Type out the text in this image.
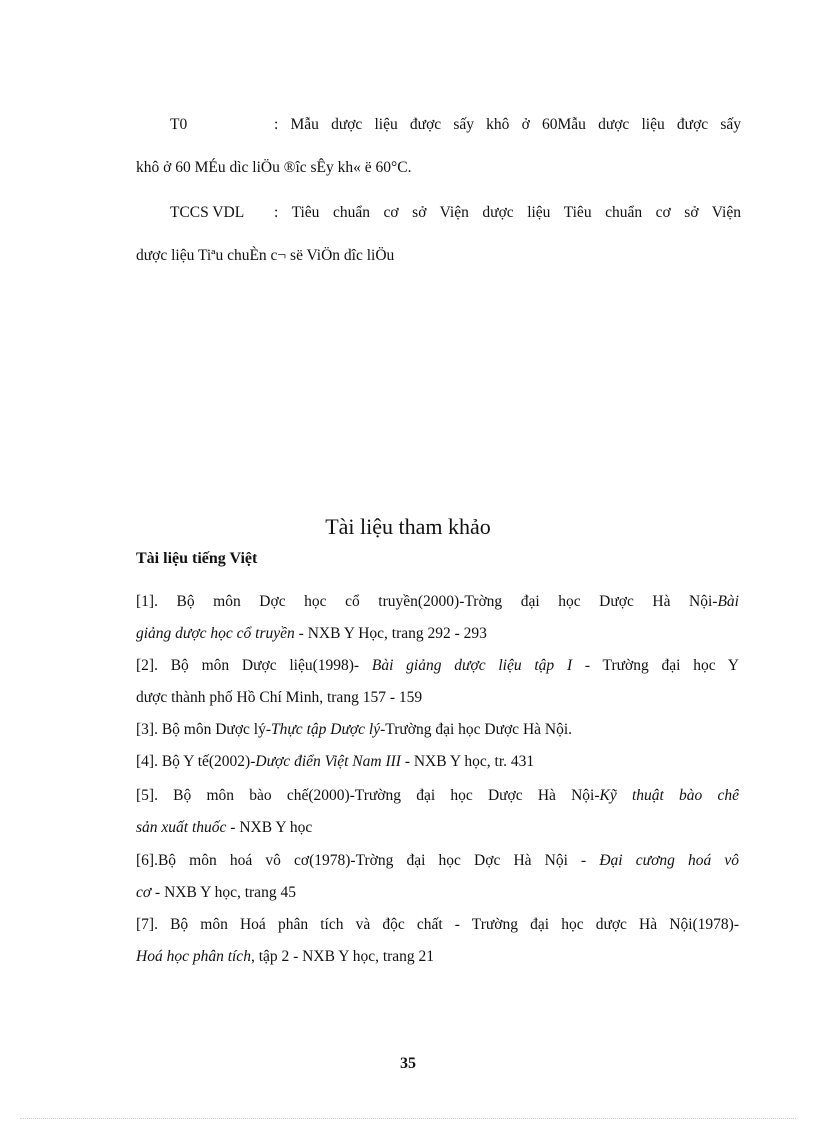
T0	: Mẫu dược liệu được sấy khô ở 60Mẫu dược liệu được sấy
khô ở 60 MÉu dìc liÖu ®îc sÊy kh« ë 60°C.
TCCS VDL : Tiêu chuẩn cơ sở Viện dược liệu Tiêu chuẩn cơ sở Viện
dược liệu Tiªu chuÈn c¬ së ViÖn dîc liÖu
Tài liệu tham khảo
Tài liệu tiếng Việt
[1]. Bộ môn Dợc học cổ truyền(2000)-Trờng đại học Dược Hà Nội-Bài
giảng dược học cổ truyền - NXB Y Học, trang 292 - 293
[2]. Bộ môn Dược liệu(1998)- Bài giảng dược liệu tập I - Trường đại học Y
dược thành phố Hồ Chí Minh, trang 157 - 159
[3]. Bộ môn Dược lý-Thực tập Dược lý-Trường đại học Dược Hà Nội.
[4]. Bộ Y tế(2002)-Dược điển Việt Nam III - NXB Y học, tr. 431
[5]. Bộ môn bào chế(2000)-Trường đại học Dược Hà Nội-Kỹ thuật bào chế
sản xuất thuốc - NXB Y học
[6].Bộ môn hoá vô cơ(1978)-Trờng đại học Dợc Hà Nội - Đại cương hoá vô
cơ - NXB Y học, trang 45
[7]. Bộ môn Hoá phân tích và độc chất - Trường đại học dược Hà Nội(1978)-
Hoá học phân tích, tập 2 - NXB Y học, trang 21
35
